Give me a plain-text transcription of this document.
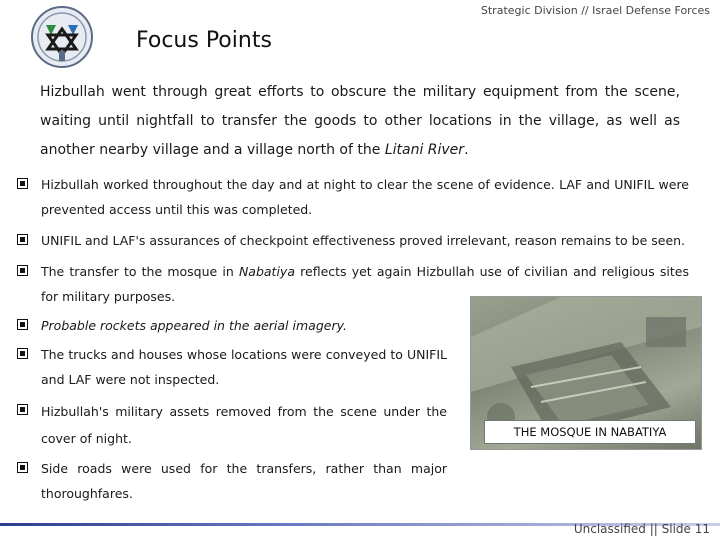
Strategic Division // Israel Defense Forces
Focus Points
Hizbullah went through great efforts to obscure the military equipment from the scene, waiting until nightfall to transfer the goods to other locations in the village, as well as another nearby village and a village north of the Litani River.
Hizbullah worked throughout the day and at night to clear the scene of evidence. LAF and UNIFIL were prevented access until this was completed.
UNIFIL and LAF's assurances of checkpoint effectiveness proved irrelevant, reason remains to be seen.
The transfer to the mosque in Nabatiya reflects yet again Hizbullah use of civilian and religious sites for military purposes.
Probable rockets appeared in the aerial imagery.
The trucks and houses whose locations were conveyed to UNIFIL and LAF were not inspected.
Hizbullah's military assets removed from the scene under the cover of night.
Side roads were used for the transfers, rather than major thoroughfares.
THE MOSQUE IN NABATIYA
Unclassified || Slide 11
